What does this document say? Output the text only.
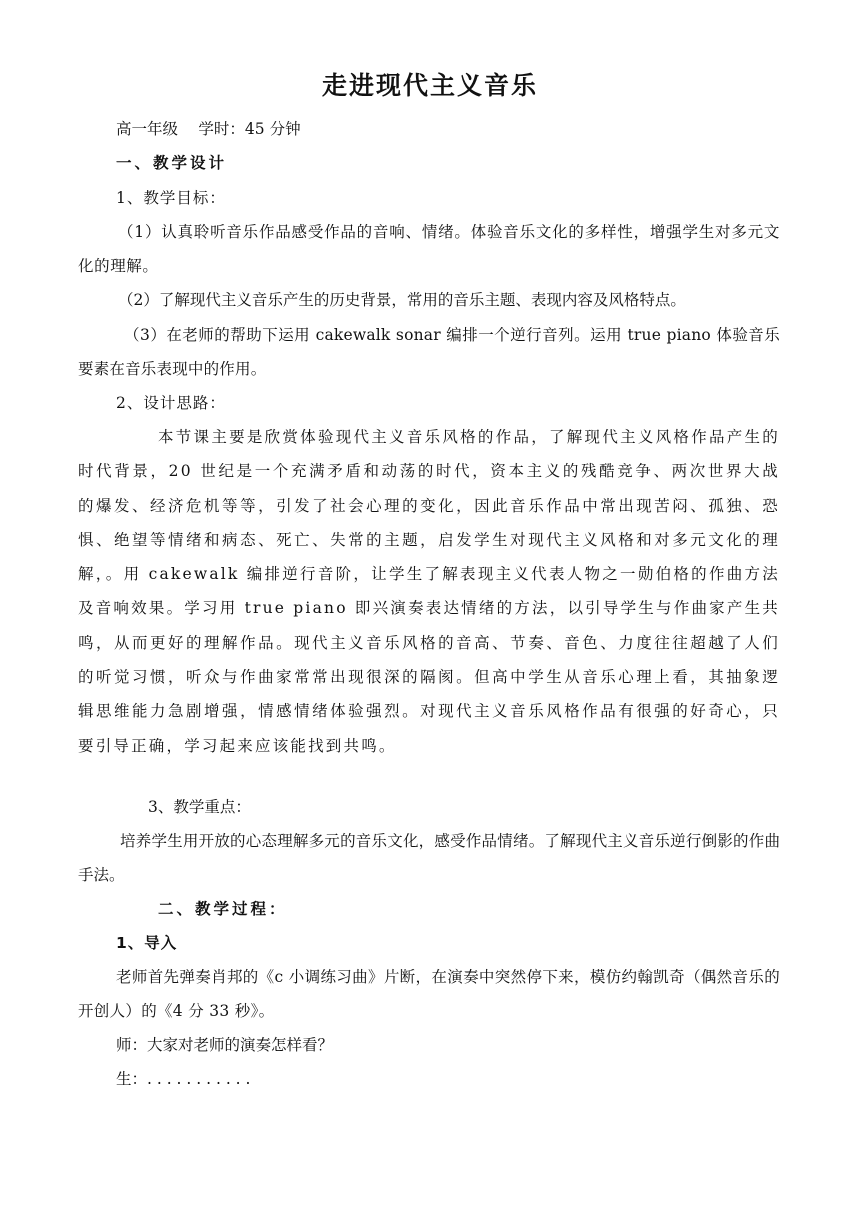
走进现代主义音乐

高一年级　 学时：45 分钟

一、教学设计

1、教学目标：

（1）认真聆听音乐作品感受作品的音响、情绪。体验音乐文化的多样性，增强学生对多元文化的理解。

（2）了解现代主义音乐产生的历史背景，常用的音乐主题、表现内容及风格特点。

（3）在老师的帮助下运用 cakewalk sonar 编排一个逆行音列。运用 true piano 体验音乐要素在音乐表现中的作用。

2、设计思路：

本节课主要是欣赏体验现代主义音乐风格的作品，了解现代主义风格作品产生的时代背景，20 世纪是一个充满矛盾和动荡的时代，资本主义的残酷竞争、两次世界大战的爆发、经济危机等等，引发了社会心理的变化，因此音乐作品中常出现苦闷、孤独、恐惧、绝望等情绪和病态、死亡、失常的主题，启发学生对现代主义风格和对多元文化的理解，。用 cakewalk 编排逆行音阶，让学生了解表现主义代表人物之一勋伯格的作曲方法及音响效果。学习用 true piano 即兴演奏表达情绪的方法，以引导学生与作曲家产生共鸣，从而更好的理解作品。现代主义音乐风格的音高、节奏、音色、力度往往超越了人们的听觉习惯，听众与作曲家常常出现很深的隔阂。但高中学生从音乐心理上看，其抽象逻辑思维能力急剧增强，情感情绪体验强烈。对现代主义音乐风格作品有很强的好奇心，只要引导正确，学习起来应该能找到共鸣。

3、教学重点：

培养学生用开放的心态理解多元的音乐文化，感受作品情绪。了解现代主义音乐逆行倒影的作曲手法。

二、教学过程：

1、导入

老师首先弹奏肖邦的《c 小调练习曲》片断，在演奏中突然停下来，模仿约翰凯奇（偶然音乐的开创人）的《4 分 33 秒》。

师：大家对老师的演奏怎样看？

生：. . . . . . . . . . .
